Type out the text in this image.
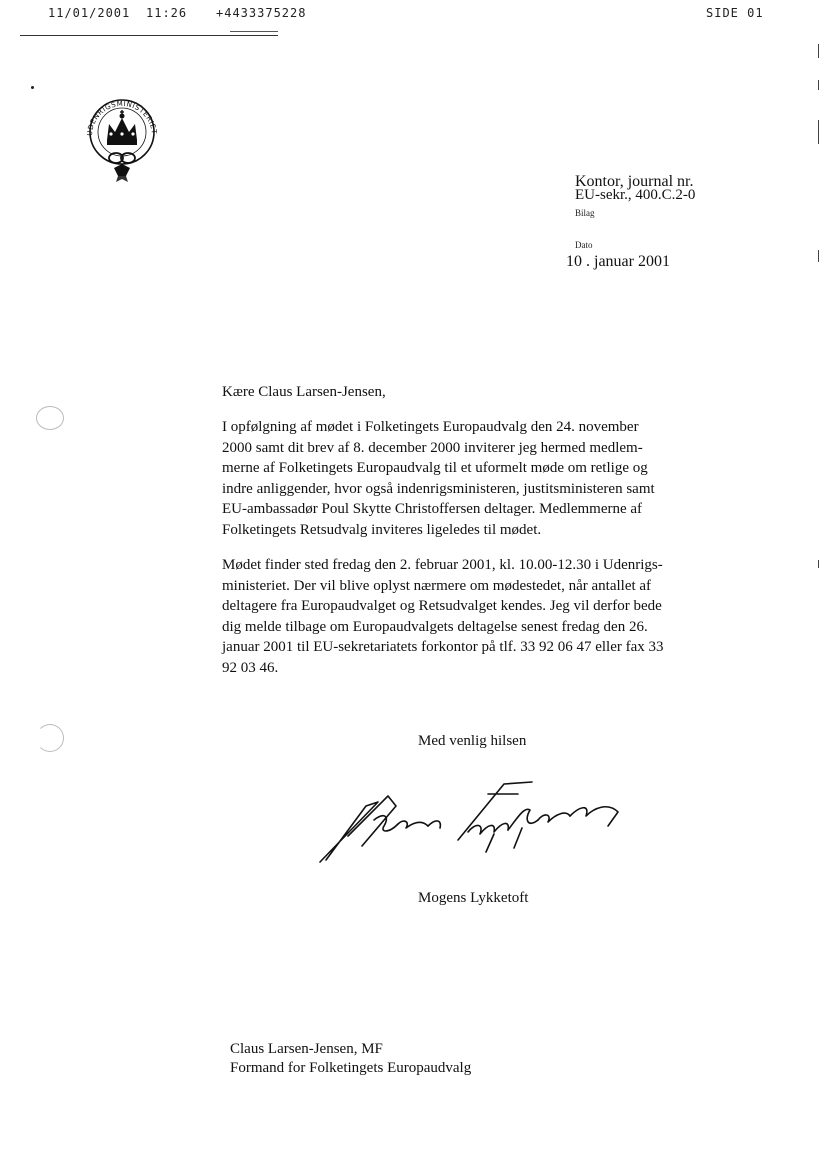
11/01/2001 11:26 +4433375228	SIDE 01
UDENRIGSMINISTERIET
Kontor, journal nr.
EU-sekr., 400.C.2-0
Bilag
Dato
10 . januar 2001
Kære Claus Larsen-Jensen,
I opfølgning af mødet i Folketingets Europaudvalg den 24. november
2000 samt dit brev af 8. december 2000 inviterer jeg hermed medlem-
merne af Folketingets Europaudvalg til et uformelt møde om retlige og
indre anliggender, hvor også indenrigsministeren, justitsministeren samt
EU-ambassadør Poul Skytte Christoffersen deltager. Medlemmerne af
Folketingets Retsudvalg inviteres ligeledes til mødet.
Mødet finder sted fredag den 2. februar 2001, kl. 10.00-12.30 i Udenrigs-
ministeriet. Der vil blive oplyst nærmere om mødestedet, når antallet af
deltagere fra Europaudvalget og Retsudvalget kendes. Jeg vil derfor bede
dig melde tilbage om Europaudvalgets deltagelse senest fredag den 26.
januar 2001 til EU-sekretariatets forkontor på tlf. 33 92 06 47 eller fax 33
92 03 46.
Med venlig hilsen
Mogens Lykketoft
Claus Larsen-Jensen, MF
Formand for Folketingets Europaudvalg
